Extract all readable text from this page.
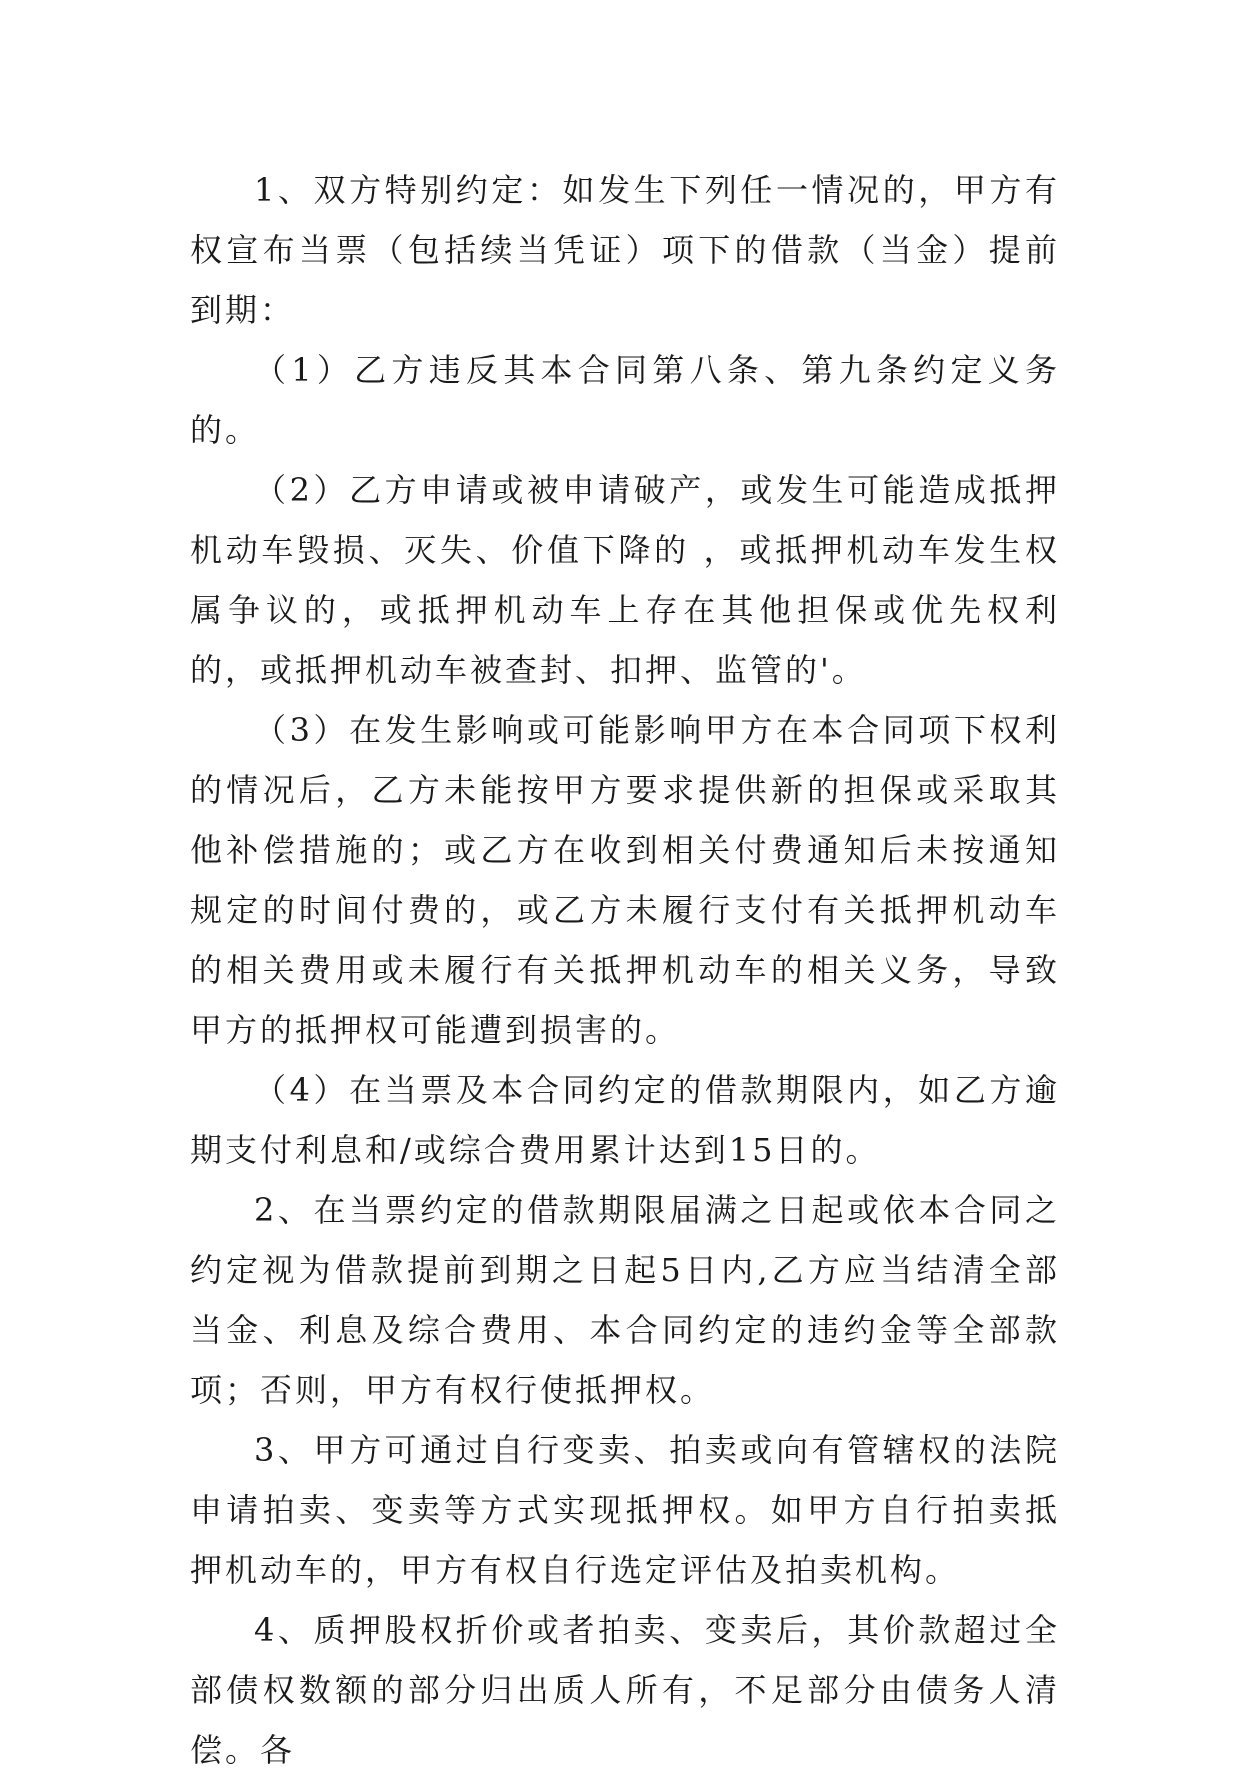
1、双方特别约定：如发生下列任一情况的，甲方有权宣布当票（包括续当凭证）项下的借款（当金）提前到期：

（1）乙方违反其本合同第八条、第九条约定义务的。

（2）乙方申请或被申请破产，或发生可能造成抵押机动车毁损、灭失、价值下降的 ，或抵押机动车发生权属争议的，或抵押机动车上存在其他担保或优先权利的，或抵押机动车被查封、扣押、监管的'。

（3）在发生影响或可能影响甲方在本合同项下权利的情况后，乙方未能按甲方要求提供新的担保或采取其他补偿措施的；或乙方在收到相关付费通知后未按通知规定的时间付费的，或乙方未履行支付有关抵押机动车的相关费用或未履行有关抵押机动车的相关义务，导致甲方的抵押权可能遭到损害的。

（4）在当票及本合同约定的借款期限内，如乙方逾期支付利息和/或综合费用累计达到15日的。

2、在当票约定的借款期限届满之日起或依本合同之约定视为借款提前到期之日起5日内,乙方应当结清全部当金、利息及综合费用、本合同约定的违约金等全部款项；否则，甲方有权行使抵押权。

3、甲方可通过自行变卖、拍卖或向有管辖权的法院申请拍卖、变卖等方式实现抵押权。如甲方自行拍卖抵押机动车的，甲方有权自行选定评估及拍卖机构。

4、质押股权折价或者拍卖、变卖后，其价款超过全部债权数额的部分归出质人所有，不足部分由债务人清偿。各
